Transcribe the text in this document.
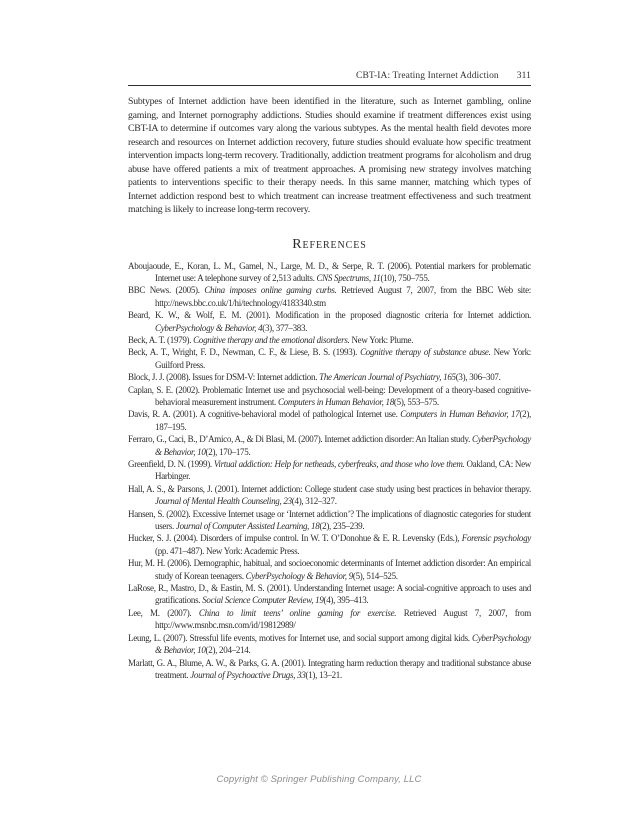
CBT-IA: Treating Internet Addiction 311

Subtypes of Internet addiction have been identified in the literature, such as Internet gambling, online gaming, and Internet pornography addictions. Studies should examine if treatment differences exist using CBT-IA to determine if outcomes vary along the various subtypes. As the mental health field devotes more research and resources on Internet addiction recovery, future studies should evaluate how specific treatment intervention impacts long-term recovery. Traditionally, addiction treatment programs for alcoholism and drug abuse have offered patients a mix of treatment approaches. A promising new strategy involves matching patients to interventions specific to their therapy needs. In this same manner, matching which types of Internet addiction respond best to which treatment can increase treatment effectiveness and such treatment matching is likely to increase long-term recovery.

References

Aboujaoude, E., Koran, L. M., Gamel, N., Large, M. D., & Serpe, R. T. (2006). Potential markers for problematic Internet use: A telephone survey of 2,513 adults. CNS Spectrums, 11(10), 750–755.

BBC News. (2005). China imposes online gaming curbs. Retrieved August 7, 2007, from the BBC Web site: http://news.bbc.co.uk/1/hi/technology/4183340.stm

Beard, K. W., & Wolf, E. M. (2001). Modification in the proposed diagnostic criteria for Internet addiction. CyberPsychology & Behavior, 4(3), 377–383.

Beck, A. T. (1979). Cognitive therapy and the emotional disorders. New York: Plume.

Beck, A. T., Wright, F. D., Newman, C. F., & Liese, B. S. (1993). Cognitive therapy of substance abuse. New York: Guilford Press.

Block, J. J. (2008). Issues for DSM-V: Internet addiction. The American Journal of Psychiatry, 165(3), 306–307.

Caplan, S. E. (2002). Problematic Internet use and psychosocial well-being: Development of a theory-based cognitive-behavioral measurement instrument. Computers in Human Behavior, 18(5), 553–575.

Davis, R. A. (2001). A cognitive-behavioral model of pathological Internet use. Computers in Human Behavior, 17(2), 187–195.

Ferraro, G., Caci, B., D’Amico, A., & Di Blasi, M. (2007). Internet addiction disorder: An Italian study. CyberPsychology & Behavior, 10(2), 170–175.

Greenfield, D. N. (1999). Virtual addiction: Help for netheads, cyberfreaks, and those who love them. Oakland, CA: New Harbinger.

Hall, A. S., & Parsons, J. (2001). Internet addiction: College student case study using best practices in behavior therapy. Journal of Mental Health Counseling, 23(4), 312–327.

Hansen, S. (2002). Excessive Internet usage or ‘Internet addiction’? The implications of diagnostic categories for student users. Journal of Computer Assisted Learning, 18(2), 235–239.

Hucker, S. J. (2004). Disorders of impulse control. In W. T. O’Donohue & E. R. Levensky (Eds.), Forensic psychology (pp. 471–487). New York: Academic Press.

Hur, M. H. (2006). Demographic, habitual, and socioeconomic determinants of Internet addiction disorder: An empirical study of Korean teenagers. CyberPsychology & Behavior, 9(5), 514–525.

LaRose, R., Mastro, D., & Eastin, M. S. (2001). Understanding Internet usage: A social-cognitive approach to uses and gratifications. Social Science Computer Review, 19(4), 395–413.

Lee, M. (2007). China to limit teens’ online gaming for exercise. Retrieved August 7, 2007, from http://www.msnbc.msn.com/id/19812989/

Leung, L. (2007). Stressful life events, motives for Internet use, and social support among digital kids. CyberPsychology & Behavior, 10(2), 204–214.

Marlatt, G. A., Blume, A. W., & Parks, G. A. (2001). Integrating harm reduction therapy and traditional substance abuse treatment. Journal of Psychoactive Drugs, 33(1), 13–21.

Copyright © Springer Publishing Company, LLC
